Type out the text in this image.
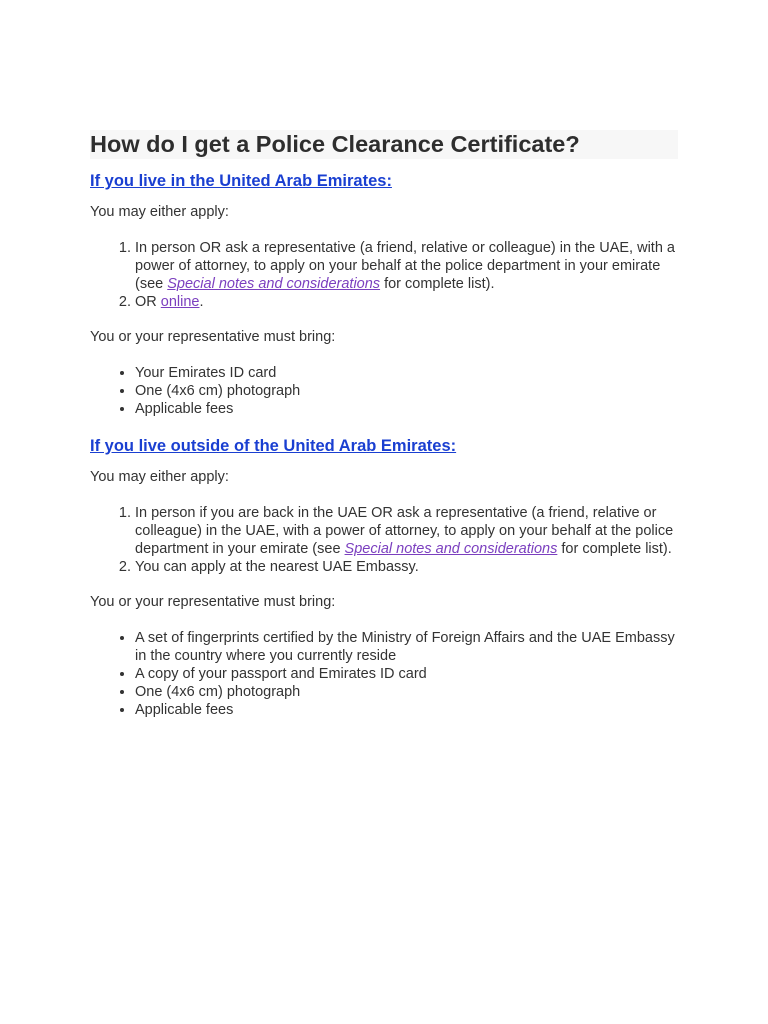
How do I get a Police Clearance Certificate?
If you live in the United Arab Emirates:

You may either apply:

1. In person OR ask a representative (a friend, relative or colleague) in the UAE, with a power of attorney, to apply on your behalf at the police department in your emirate (see Special notes and considerations for complete list).
2. OR online.

You or your representative must bring:

• Your Emirates ID card
• One (4x6 cm) photograph
• Applicable fees
If you live outside of the United Arab Emirates:

You may either apply:

1. In person if you are back in the UAE OR ask a representative (a friend, relative or colleague) in the UAE, with a power of attorney, to apply on your behalf at the police department in your emirate (see Special notes and considerations for complete list).
2. You can apply at the nearest UAE Embassy.

You or your representative must bring:

• A set of fingerprints certified by the Ministry of Foreign Affairs and the UAE Embassy in the country where you currently reside
• A copy of your passport and Emirates ID card
• One (4x6 cm) photograph
• Applicable fees
